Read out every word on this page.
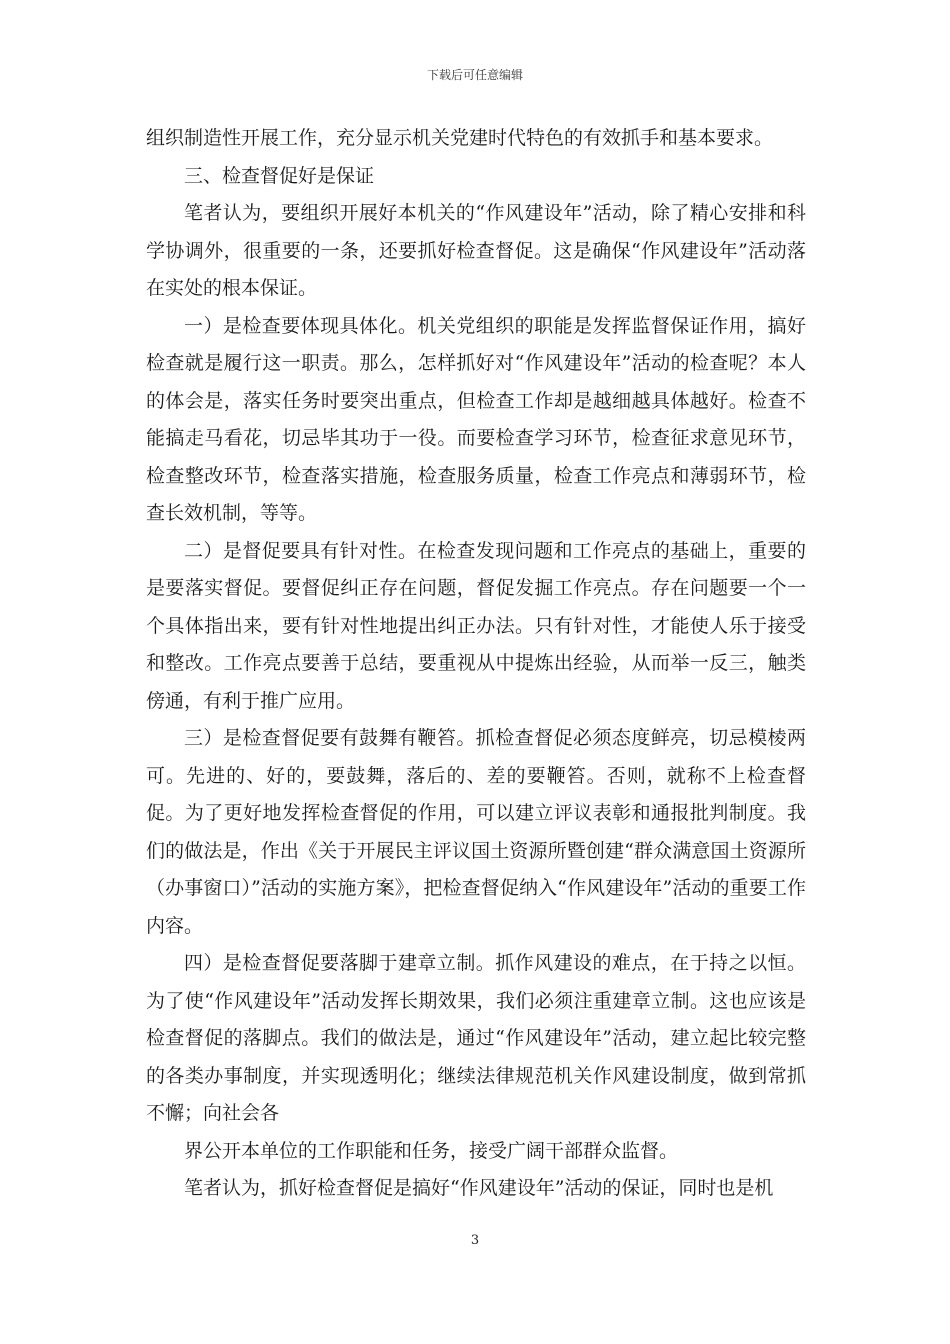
下载后可任意编辑

组织制造性开展工作，充分显示机关党建时代特色的有效抓手和基本要求。

三、检查督促好是保证

笔者认为，要组织开展好本机关的“作风建设年”活动，除了精心安排和科学协调外，很重要的一条，还要抓好检查督促。这是确保“作风建设年”活动落在实处的根本保证。

一）是检查要体现具体化。机关党组织的职能是发挥监督保证作用，搞好检查就是履行这一职责。那么，怎样抓好对“作风建设年”活动的检查呢？本人的体会是，落实任务时要突出重点，但检查工作却是越细越具体越好。检查不能搞走马看花，切忌毕其功于一役。而要检查学习环节，检查征求意见环节，检查整改环节，检查落实措施，检查服务质量，检查工作亮点和薄弱环节，检查长效机制，等等。

二）是督促要具有针对性。在检查发现问题和工作亮点的基础上，重要的是要落实督促。要督促纠正存在问题，督促发掘工作亮点。存在问题要一个一个具体指出来，要有针对性地提出纠正办法。只有针对性，才能使人乐于接受和整改。工作亮点要善于总结，要重视从中提炼出经验，从而举一反三，触类傍通，有利于推广应用。

三）是检查督促要有鼓舞有鞭笞。抓检查督促必须态度鲜亮，切忌模棱两可。先进的、好的，要鼓舞，落后的、差的要鞭笞。否则，就称不上检查督促。为了更好地发挥检查督促的作用，可以建立评议表彰和通报批判制度。我们的做法是，作出《关于开展民主评议国土资源所暨创建“群众满意国土资源所（办事窗口）”活动的实施方案》，把检查督促纳入“作风建设年”活动的重要工作内容。

四）是检查督促要落脚于建章立制。抓作风建设的难点，在于持之以恒。为了使“作风建设年”活动发挥长期效果，我们必须注重建章立制。这也应该是检查督促的落脚点。我们的做法是，通过“作风建设年”活动，建立起比较完整的各类办事制度，并实现透明化；继续法律规范机关作风建设制度，做到常抓不懈；向社会各

界公开本单位的工作职能和任务，接受广阔干部群众监督。

笔者认为，抓好检查督促是搞好“作风建设年”活动的保证，同时也是机

3
